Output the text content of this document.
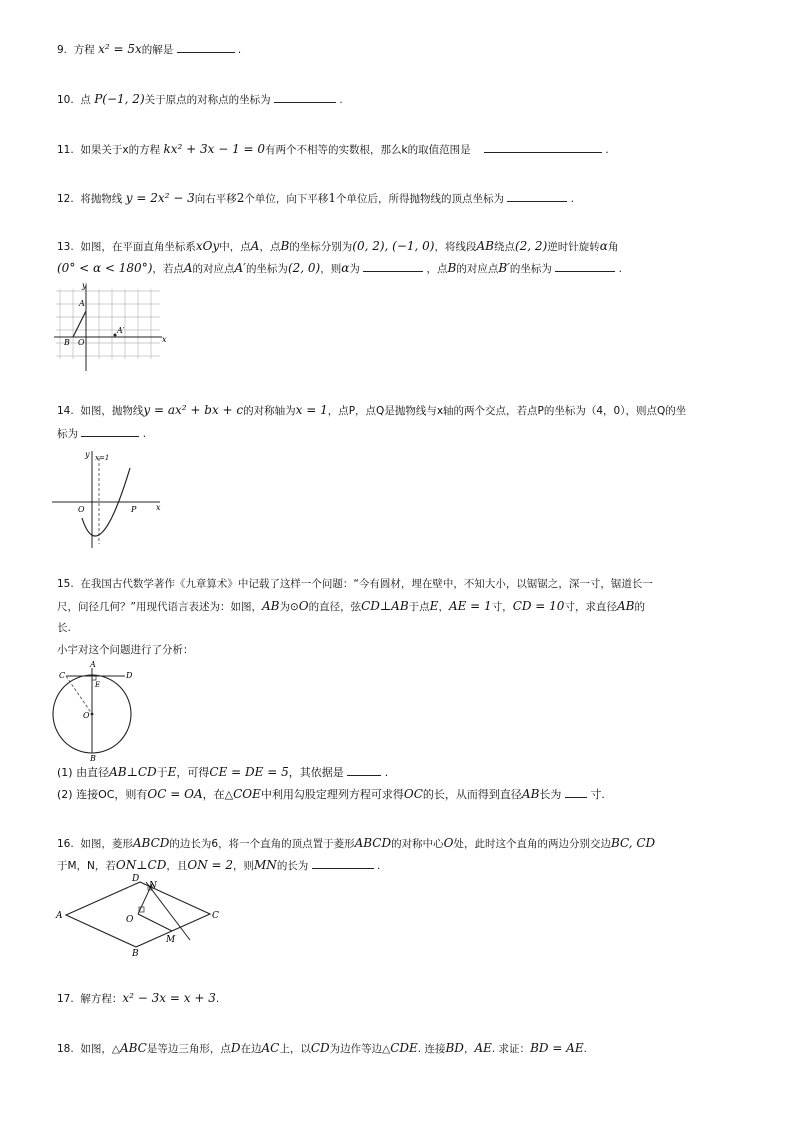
9. 方程 x² = 5x的解是	.
10. 点 P(−1, 2)关于原点的对称点的坐标为	.
11. 如果关于x的方程 kx² + 3x − 1 = 0有两个不相等的实数根，那么k的取值范围是	.
12. 将抛物线 y = 2x² − 3向右平移2个单位，向下平移1个单位后，所得抛物线的顶点坐标为	.
13. 如图，在平面直角坐标系xOy中，点A，点B的坐标分别为(0, 2), (−1, 0)，将线段AB绕点(2, 2)逆时针旋转α角
(0° < α < 180°)，若点A的对应点A′的坐标为(2, 0)，则α为	，点B的对应点B′的坐标为	.
y
x
A
A′
B O
14. 如图，抛物线y = ax² + bx + c的对称轴为x = 1，点P，点Q是抛物线与x轴的两个交点，若点P的坐标为（4，0），则点Q的坐
标为	.
y
x
x=1
O	P
15. 在我国古代数学著作《九章算术》中记载了这样一个问题：“今有圆材，埋在壁中，不知大小，以锯锯之，深一寸，锯道长一
尺，问径几何？”用现代语言表述为：如图，AB为⊙O的直径，弦CD⊥AB于点E，AE = 1寸，CD = 10寸，求直径AB的
长.
小宇对这个问题进行了分析：
A
B
C	D
E
O
(1) 由直径AB⊥CD于E，可得CE = DE = 5，其依据是	.
(2) 连接OC，则有OC = OA，在△COE中利用勾股定理列方程可求得OC的长，从而得到直径AB长为	寸.
16. 如图，菱形ABCD的边长为6，将一个直角的顶点置于菱形ABCD的对称中心O处，此时这个直角的两边分别交边BC, CD
于M，N，若ON⊥CD，且ON = 2，则MN的长为	.
A
B
C
D
N
O
M
17. 解方程：x² − 3x = x + 3.
18. 如图，△ABC是等边三角形，点D在边AC上，以CD为边作等边△CDE. 连接BD，AE. 求证：BD = AE.
